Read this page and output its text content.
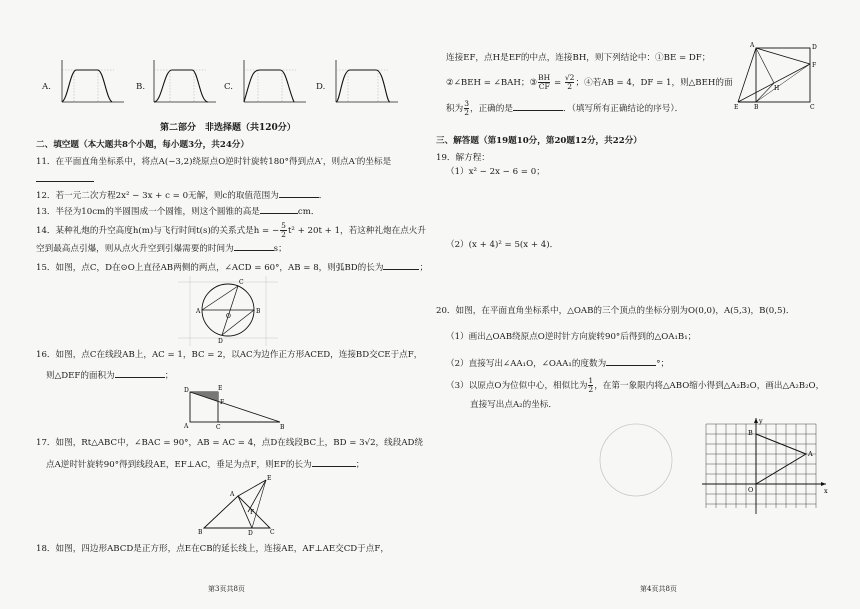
A.	B.	C.	D.
第二部分　非选择题（共120分）
二、填空题（本大题共8个小题，每小题3分，共24分）
11．在平面直角坐标系中，将点A(−3,2)绕原点O逆时针旋转180°得到点A′，则点A′的坐标是
12．若一元二次方程2x² − 3x + c = 0无解，则c的取值范围为	．
13．半径为10cm的半圆围成一个圆锥，则这个圆锥的高是	cm．
14．某种礼炮的升空高度h(m)与飞行时间t(s)的关系式是h = − $\frac{5}{2} t^2 + 20t + 1$，若这种礼炮在点火升
空到最高点引爆，则从点火升空到引爆需要的时间为	s；
15．如图，点C，D在⊙O上直径AB两侧的两点，∠ACD = 60°，AB = 8，则弧BD的长为	；
A	B
C
D
O
16．如图，点C在线段AB上，AC = 1，BC = 2，以AC为边作正方形ACED，连接BD交CE于点F，
则△DEF的面积为	；
D	E
F
A	C	B
17．如图，Rt△ABC中，∠BAC = 90°，AB = AC = 4，点D在线段BC上，BD = 3√2，线段AD绕
点A逆时针旋转90°得到线段AE，EF⊥AC，垂足为点F，则EF的长为	；
E
A
F
B	D	C
18．如图，四边形ABCD是正方形，点E在CB的延长线上，连接AE，AF⊥AE交CD于点F，
第3页共8页
连接EF，点H是EF的中点，连接BH，则下列结论中：①BE = DF；
②∠BEH = ∠BAH；③ $\frac{BH}{CF} = \frac{√2}{2}$ ；④若AB = 4，DF = 1，则△BEH的面
积为 $\frac{3}{2}$ ，正确的是	．（填写所有正确结论的序号）．
A	D
F
H
E	B	C
三、解答题（第19题10分，第20题12分，共22分）
19．解方程：
（1）x² − 2x − 6 = 0；
（2）(x + 4)² = 5(x + 4)．
20．如图，在平面直角坐标系中，△OAB的三个顶点的坐标分别为O(0,0)，A(5,3)，B(0,5)．
（1）画出△OAB绕原点O逆时针方向旋转90°后得到的△OA₁B₁；
（2）直接写出∠AA₁O，∠OAA₁的度数为	°；
（3）以原点O为位似中心，相似比为 $\frac{1}{2}$ ，在第一象限内将△ABO缩小得到△A₂B₂O，画出△A₂B₂O，
直接写出点A₂的坐标．
y
x
O
A
B
第4页共8页
